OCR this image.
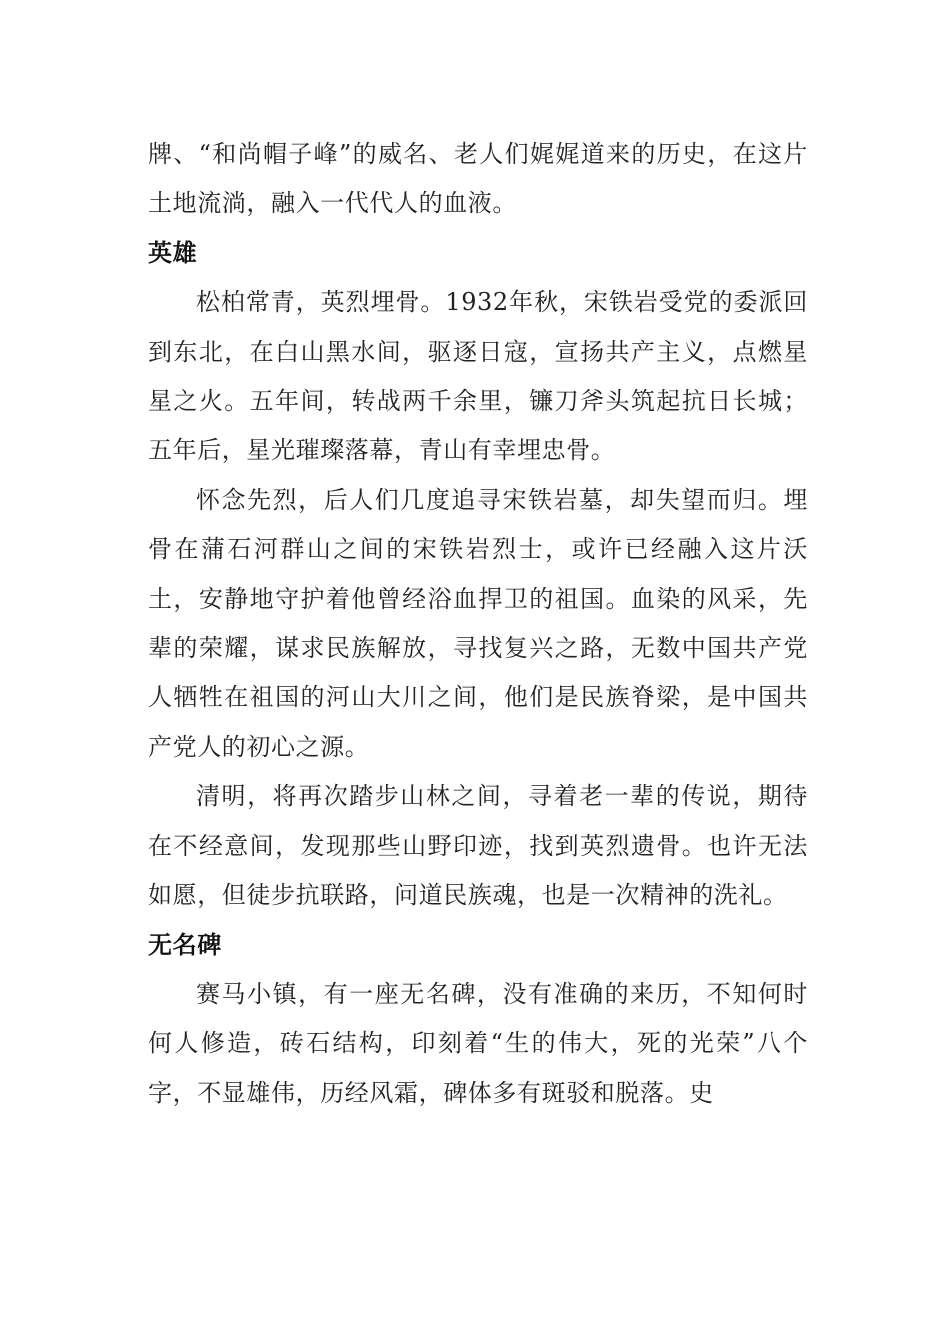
牌、“和尚帽子峰”的威名、老人们娓娓道来的历史，在这片土地流淌，融入一代代人的血液。

英雄

松柏常青，英烈埋骨。1932年秋，宋铁岩受党的委派回到东北，在白山黑水间，驱逐日寇，宣扬共产主义，点燃星星之火。五年间，转战两千余里，镰刀斧头筑起抗日长城；五年后，星光璀璨落幕，青山有幸埋忠骨。

怀念先烈，后人们几度追寻宋铁岩墓，却失望而归。埋骨在蒲石河群山之间的宋铁岩烈士，或许已经融入这片沃土，安静地守护着他曾经浴血捍卫的祖国。血染的风采，先辈的荣耀，谋求民族解放，寻找复兴之路，无数中国共产党人牺牲在祖国的河山大川之间，他们是民族脊梁，是中国共产党人的初心之源。

清明，将再次踏步山林之间，寻着老一辈的传说，期待在不经意间，发现那些山野印迹，找到英烈遗骨。也许无法如愿，但徒步抗联路，问道民族魂，也是一次精神的洗礼。

无名碑

赛马小镇，有一座无名碑，没有准确的来历，不知何时何人修造，砖石结构，印刻着“生的伟大，死的光荣”八个字，不显雄伟，历经风霜，碑体多有斑驳和脱落。史
